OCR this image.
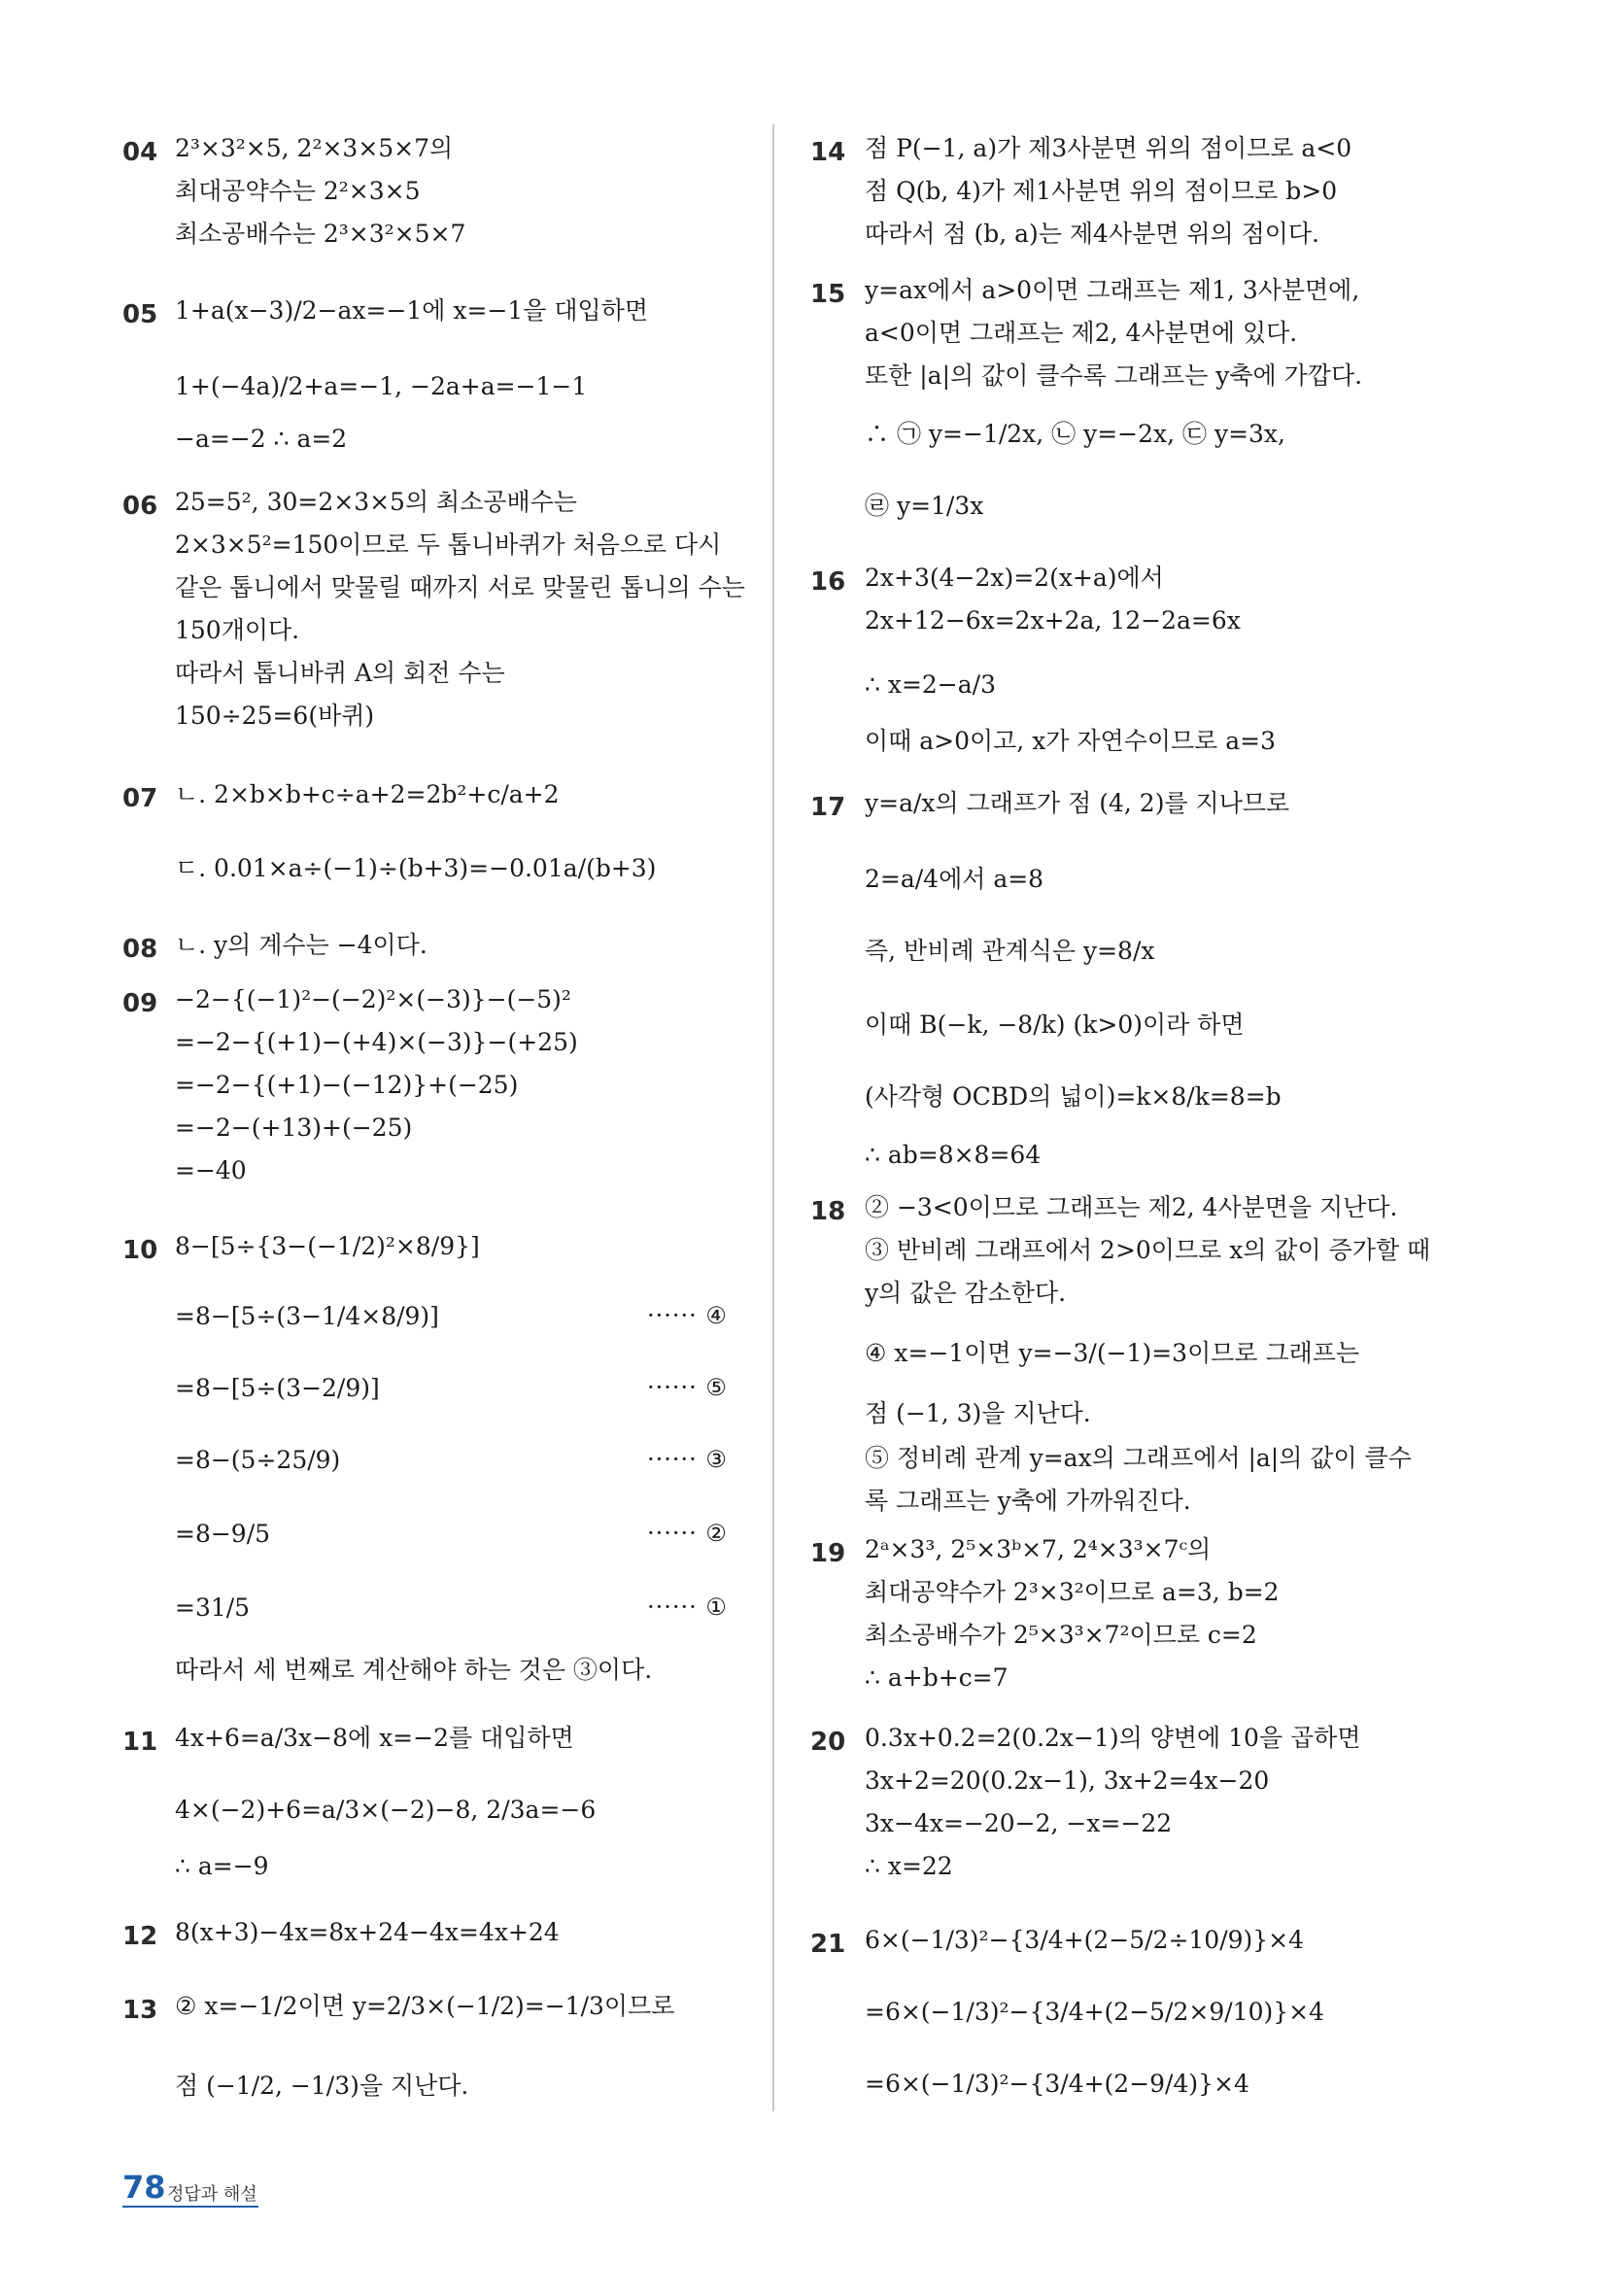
04 2³×3²×5, 2²×3×5×7의
최대공약수는 2²×3×5
최소공배수는 2³×3²×5×7
05 1+a(x−3)/2−ax=−1에 x=−1을 대입하면
1+(−4a)/2+a=−1, −2a+a=−1−1
−a=−2 ∴ a=2
06 25=5², 30=2×3×5의 최소공배수는
2×3×5²=150이므로 두 톱니바퀴가 처음으로 다시
같은 톱니에서 맞물릴 때까지 서로 맞물린 톱니의 수는
150개이다.
따라서 톱니바퀴 A의 회전 수는
150÷25=6(바퀴)
07 ㄴ. 2×b×b+c÷a+2=2b²+c/a+2
ㄷ. 0.01×a÷(−1)÷(b+3)=−0.01a/(b+3)
08 ㄴ. y의 계수는 −4이다.
09 −2−{(−1)²−(−2)²×(−3)}−(−5)²
=−2−{(+1)−(+4)×(−3)}−(+25)
=−2−{(+1)−(−12)}+(−25)
=−2−(+13)+(−25)
=−40
10 8−[5÷{3−(−1/2)²×8/9}]
=8−[5÷(3−1/4×8/9)]
=8−[5÷(3−2/9)]
=8−(5÷25/9)
=8−9/5
=31/5
따라서 세 번째로 계산해야 하는 것은 ③이다.
······ ④
······ ⑤
······ ③
······ ②
······ ①
11 4x+6=a/3x−8에 x=−2를 대입하면
4×(−2)+6=a/3×(−2)−8, 2/3a=−6
∴ a=−9
12 8(x+3)−4x=8x+24−4x=4x+24
13 ② x=−1/2이면 y=2/3×(−1/2)=−1/3이므로
점 (−1/2, −1/3)을 지난다.
14 점 P(−1, a)가 제3사분면 위의 점이므로 a<0
점 Q(b, 4)가 제1사분면 위의 점이므로 b>0
따라서 점 (b, a)는 제4사분면 위의 점이다.
15 y=ax에서 a>0이면 그래프는 제1, 3사분면에,
a<0이면 그래프는 제2, 4사분면에 있다.
또한 |a|의 값이 클수록 그래프는 y축에 가깝다.
∴ ㉠ y=−1/2x, ㉡ y=−2x, ㉢ y=3x,
㉣ y=1/3x
16 2x+3(4−2x)=2(x+a)에서
2x+12−6x=2x+2a, 12−2a=6x
∴ x=2−a/3
이때 a>0이고, x가 자연수이므로 a=3
17 y=a/x의 그래프가 점 (4, 2)를 지나므로
2=a/4에서 a=8
즉, 반비례 관계식은 y=8/x
이때 B(−k, −8/k) (k>0)이라 하면
(사각형 OCBD의 넓이)=k×8/k=8=b
∴ ab=8×8=64
18 ② −3<0이므로 그래프는 제2, 4사분면을 지난다.
③ 반비례 그래프에서 2>0이므로 x의 값이 증가할 때
y의 값은 감소한다.
④ x=−1이면 y=−3/(−1)=3이므로 그래프는
점 (−1, 3)을 지난다.
⑤ 정비례 관계 y=ax의 그래프에서 |a|의 값이 클수
록 그래프는 y축에 가까워진다.
19 2ᵃ×3³, 2⁵×3ᵇ×7, 2⁴×3³×7ᶜ의
최대공약수가 2³×3²이므로 a=3, b=2
최소공배수가 2⁵×3³×7²이므로 c=2
∴ a+b+c=7
20 0.3x+0.2=2(0.2x−1)의 양변에 10을 곱하면
3x+2=20(0.2x−1), 3x+2=4x−20
3x−4x=−20−2, −x=−22
∴ x=22
21 6×(−1/3)²−{3/4+(2−5/2÷10/9)}×4
=6×(−1/3)²−{3/4+(2−5/2×9/10)}×4
=6×(−1/3)²−{3/4+(2−9/4)}×4
78 정답과 해설
